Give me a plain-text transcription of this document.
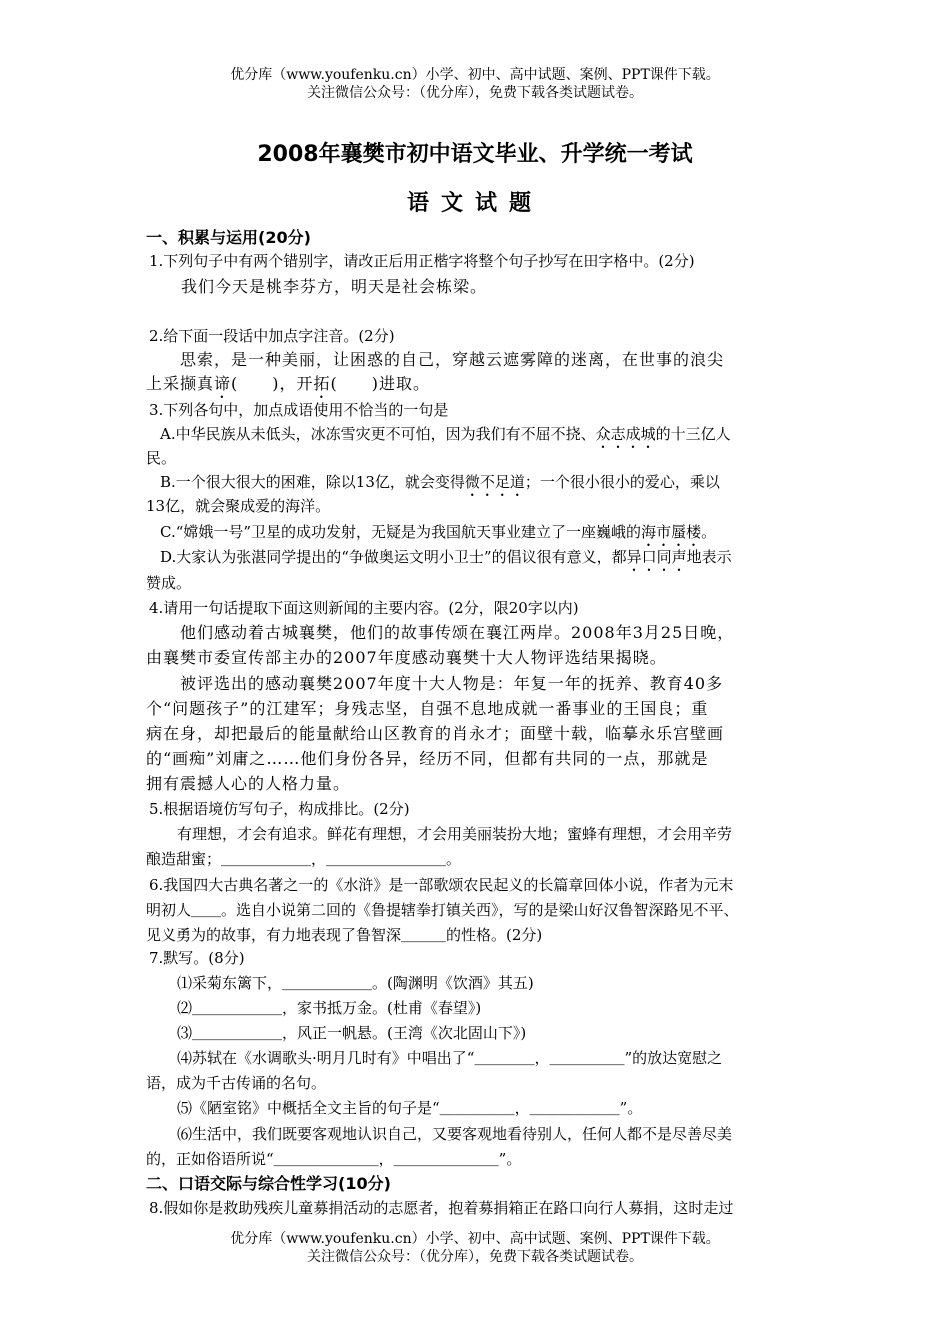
优分库（www.youfenku.cn）小学、初中、高中试题、案例、PPT课件下载。
关注微信公众号：（优分库），免费下载各类试题试卷。
2008年襄樊市初中语文毕业、升学统一考试
语文试题
一、积累与运用(20分)
1.下列句子中有两个错别字，请改正后用正楷字将整个句子抄写在田字格中。(2分)
我们今天是桃李芬方，明天是社会栋梁。
2.给下面一段话中加点字注音。(2分)
思索，是一种美丽，让困惑的自己，穿越云遮雾障的迷离，在世事的浪尖
上采撷真谛(　　)，开拓(　　)进取。
3.下列各句中，加点成语使用不恰当的一句是
A.中华民族从未低头，冰冻雪灾更不可怕，因为我们有不屈不挠、众志成城的十三亿人
民。
B.一个很大很大的困难，除以13亿，就会变得微不足道；一个很小很小的爱心，乘以
13亿，就会聚成爱的海洋。
C.“嫦娥一号”卫星的成功发射，无疑是为我国航天事业建立了一座巍峨的海市蜃楼。
D.大家认为张湛同学提出的“争做奥运文明小卫士”的倡议很有意义，都异口同声地表示
赞成。
4.请用一句话提取下面这则新闻的主要内容。(2分，限20字以内)
他们感动着古城襄樊，他们的故事传颂在襄江两岸。2008年3月25日晚，
由襄樊市委宣传部主办的2007年度感动襄樊十大人物评选结果揭晓。
被评选出的感动襄樊2007年度十大人物是：年复一年的抚养、教育40多
个“问题孩子”的江建军；身残志坚，自强不息地成就一番事业的王国良；重
病在身，却把最后的能量献给山区教育的肖永才；面壁十载，临摹永乐宫壁画
的“画痴”刘庸之……他们身份各异，经历不同，但都有共同的一点，那就是
拥有震撼人心的人格力量。
5.根据语境仿写句子，构成排比。(2分)
有理想，才会有追求。鲜花有理想，才会用美丽装扮大地；蜜蜂有理想，才会用辛劳
酿造甜蜜；＿＿＿＿＿＿，＿＿＿＿＿＿＿＿。
6.我国四大古典名著之一的《水浒》是一部歌颂农民起义的长篇章回体小说，作者为元末
明初人＿＿。选自小说第二回的《鲁提辖拳打镇关西》，写的是梁山好汉鲁智深路见不平、
见义勇为的故事，有力地表现了鲁智深＿＿＿的性格。(2分)
7.默写。(8分)
⑴采菊东篱下，＿＿＿＿＿＿。(陶渊明《饮酒》其五)
⑵＿＿＿＿＿＿，家书抵万金。(杜甫《春望》)
⑶＿＿＿＿＿＿，风正一帆悬。(王湾《次北固山下》)
⑷苏轼在《水调歌头·明月几时有》中唱出了“＿＿＿＿，＿＿＿＿＿”的放达宽慰之
语，成为千古传诵的名句。
⑸《陋室铭》中概括全文主旨的句子是“＿＿＿＿＿，＿＿＿＿＿＿”。
⑹生活中，我们既要客观地认识自己，又要客观地看待别人，任何人都不是尽善尽美
的，正如俗语所说“＿＿＿＿＿＿＿，＿＿＿＿＿＿＿”。
二、口语交际与综合性学习(10分)
8.假如你是救助残疾儿童募捐活动的志愿者，抱着募捐箱正在路口向行人募捐，这时走过
优分库（www.youfenku.cn）小学、初中、高中试题、案例、PPT课件下载。
关注微信公众号：（优分库），免费下载各类试题试卷。
